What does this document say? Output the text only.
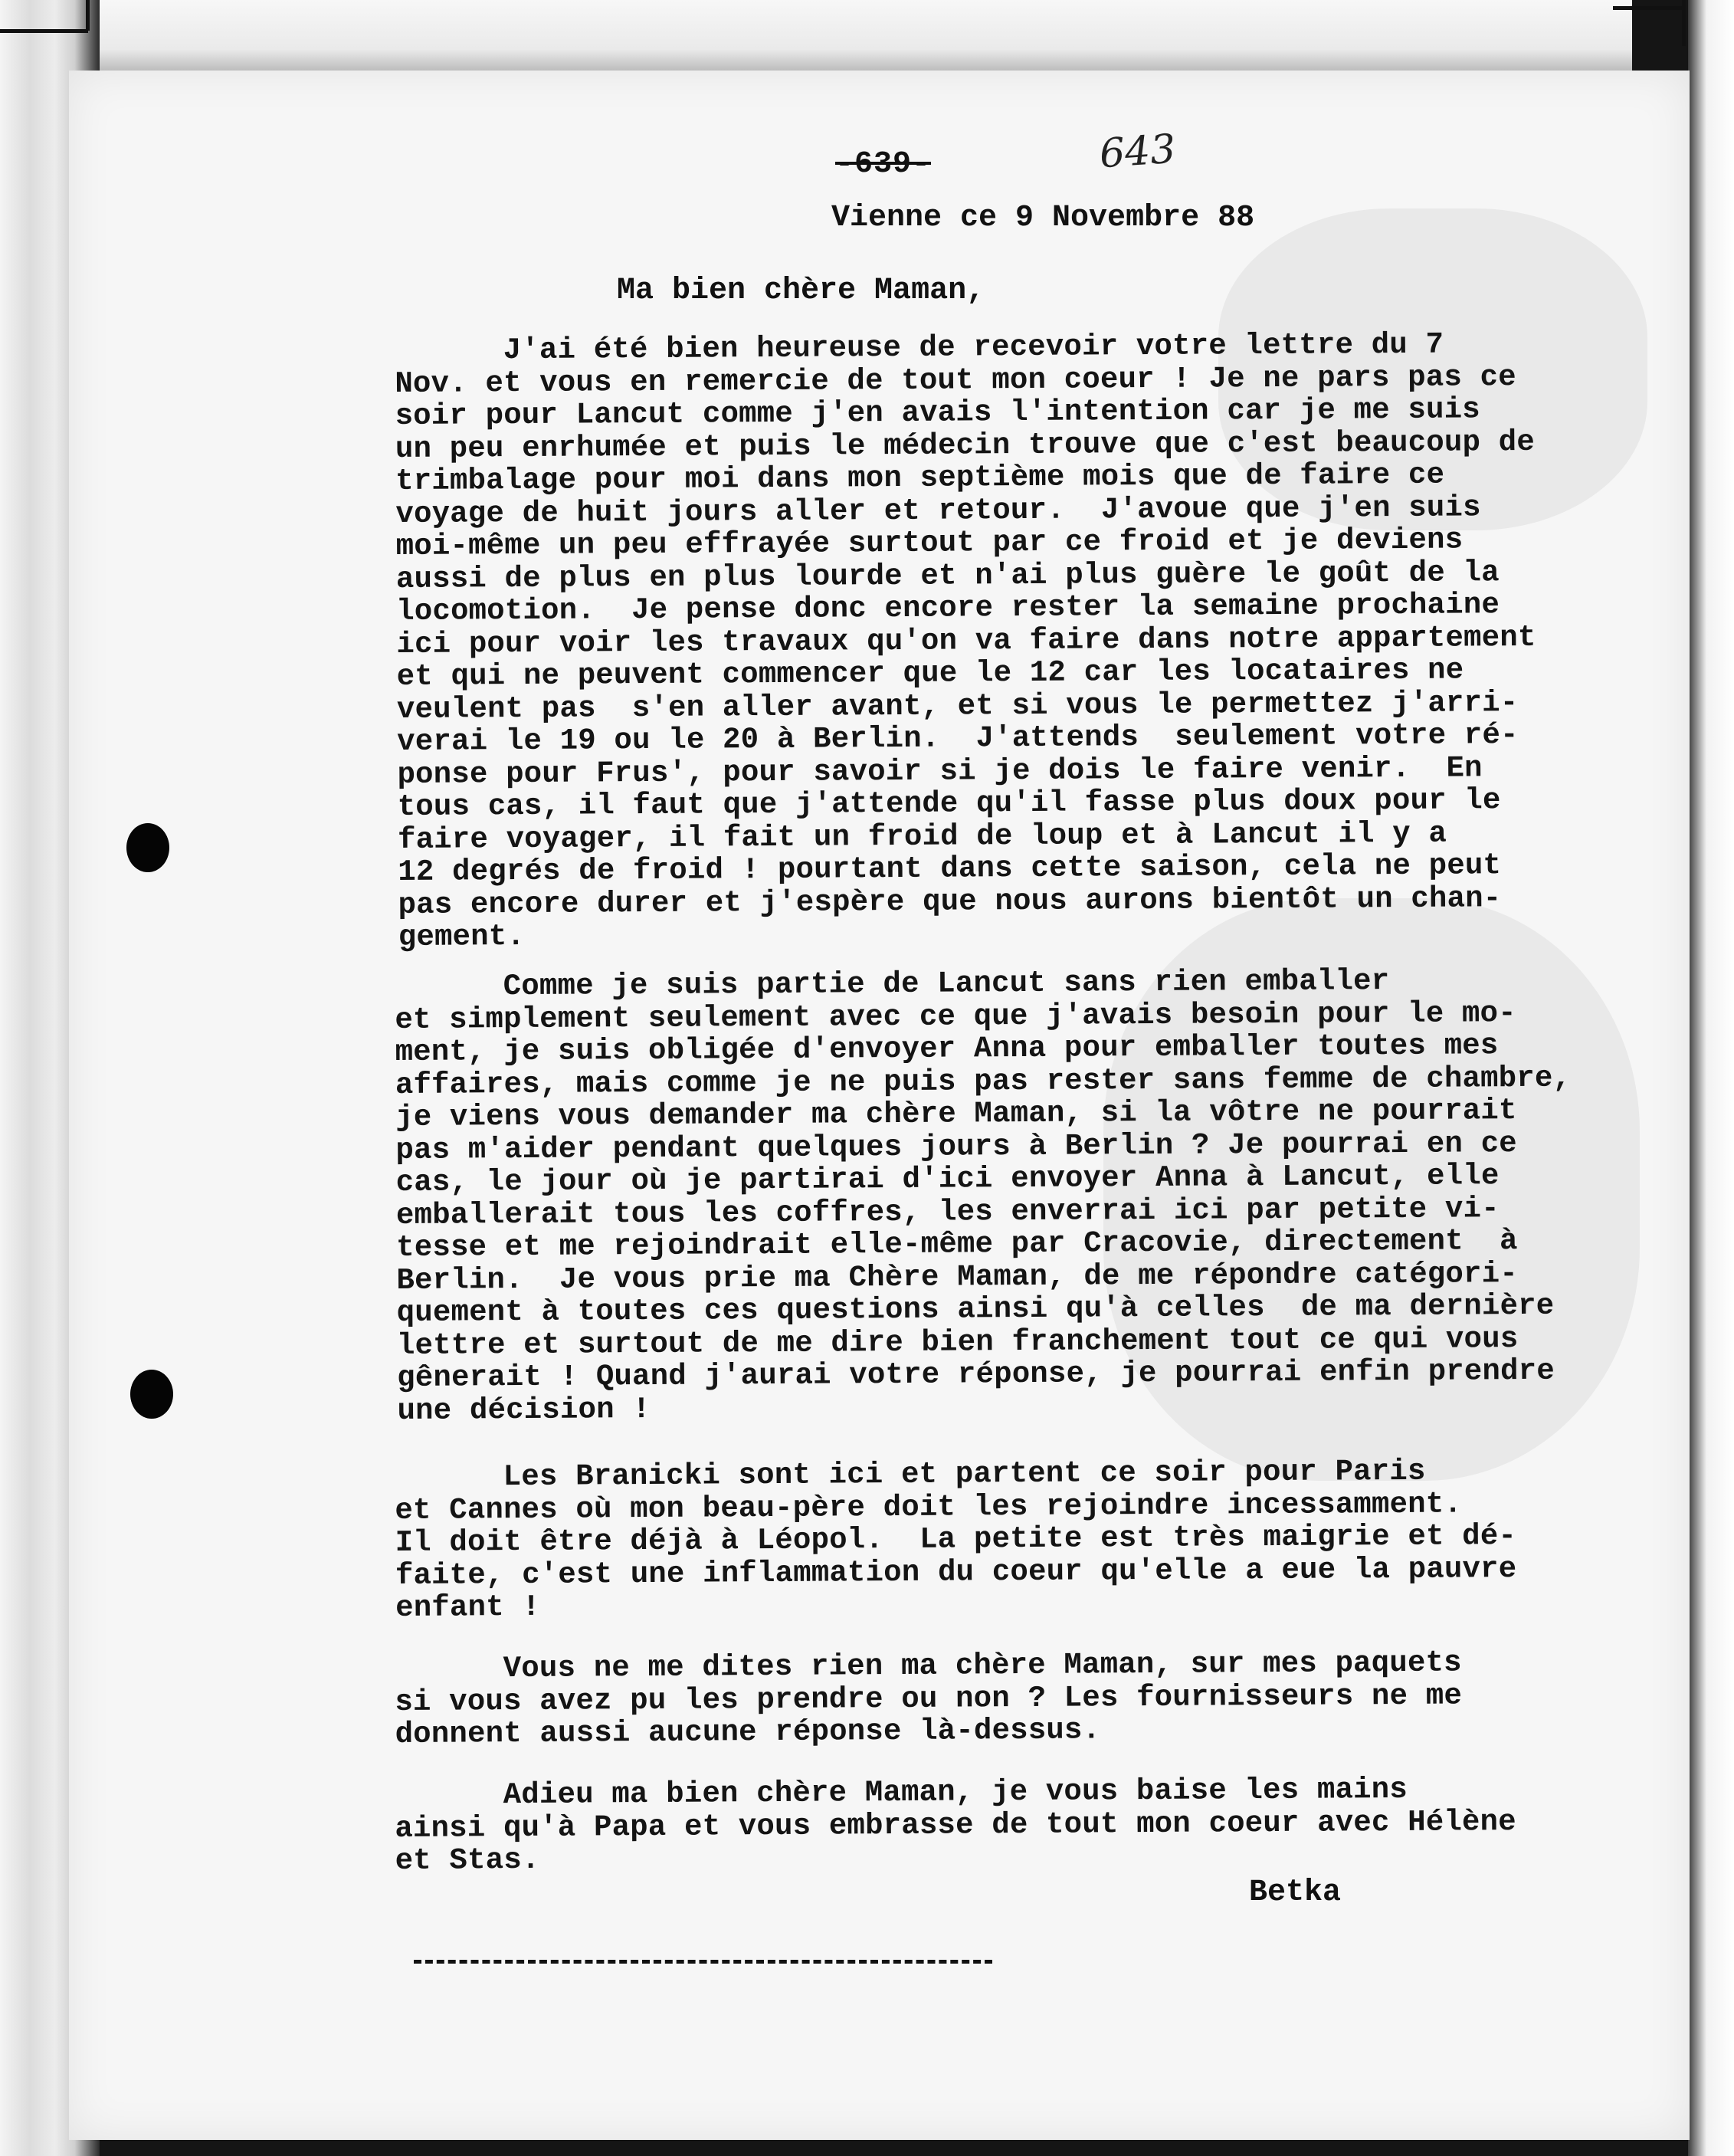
-639-	643
Vienne ce 9 Novembre 88
Ma bien chère Maman,
J'ai été bien heureuse de recevoir votre lettre du 7
Nov. et vous en remercie de tout mon coeur ! Je ne pars pas ce
soir pour Lancut comme j'en avais l'intention car je me suis
un peu enrhumée et puis le médecin trouve que c'est beaucoup de
trimbalage pour moi dans mon septième mois que de faire ce
voyage de huit jours aller et retour.  J'avoue que j'en suis
moi-même un peu effrayée surtout par ce froid et je deviens
aussi de plus en plus lourde et n'ai plus guère le goût de la
locomotion.  Je pense donc encore rester la semaine prochaine
ici pour voir les travaux qu'on va faire dans notre appartement
et qui ne peuvent commencer que le 12 car les locataires ne
veulent pas  s'en aller avant, et si vous le permettez j'arri-
verai le 19 ou le 20 à Berlin.  J'attends  seulement votre ré-
ponse pour Frus', pour savoir si je dois le faire venir.  En
tous cas, il faut que j'attende qu'il fasse plus doux pour le
faire voyager, il fait un froid de loup et à Lancut il y a
12 degrés de froid ! pourtant dans cette saison, cela ne peut
pas encore durer et j'espère que nous aurons bientôt un chan-
gement.
Comme je suis partie de Lancut sans rien emballer
et simplement seulement avec ce que j'avais besoin pour le mo-
ment, je suis obligée d'envoyer Anna pour emballer toutes mes
affaires, mais comme je ne puis pas rester sans femme de chambre,
je viens vous demander ma chère Maman, si la vôtre ne pourrait
pas m'aider pendant quelques jours à Berlin ? Je pourrai en ce
cas, le jour où je partirai d'ici envoyer Anna à Lancut, elle
emballerait tous les coffres, les enverrai ici par petite vi-
tesse et me rejoindrait elle-même par Cracovie, directement  à
Berlin.  Je vous prie ma Chère Maman, de me répondre catégori-
quement à toutes ces questions ainsi qu'à celles  de ma dernière
lettre et surtout de me dire bien franchement tout ce qui vous
gênerait ! Quand j'aurai votre réponse, je pourrai enfin prendre
une décision !
Les Branicki sont ici et partent ce soir pour Paris
et Cannes où mon beau-père doit les rejoindre incessamment.
Il doit être déjà à Léopol.  La petite est très maigrie et dé-
faite, c'est une inflammation du coeur qu'elle a eue la pauvre
enfant !
Vous ne me dites rien ma chère Maman, sur mes paquets
si vous avez pu les prendre ou non ? Les fournisseurs ne me
donnent aussi aucune réponse là-dessus.
Adieu ma bien chère Maman, je vous baise les mains
ainsi qu'à Papa et vous embrasse de tout mon coeur avec Hélène
et Stas.
Betka
